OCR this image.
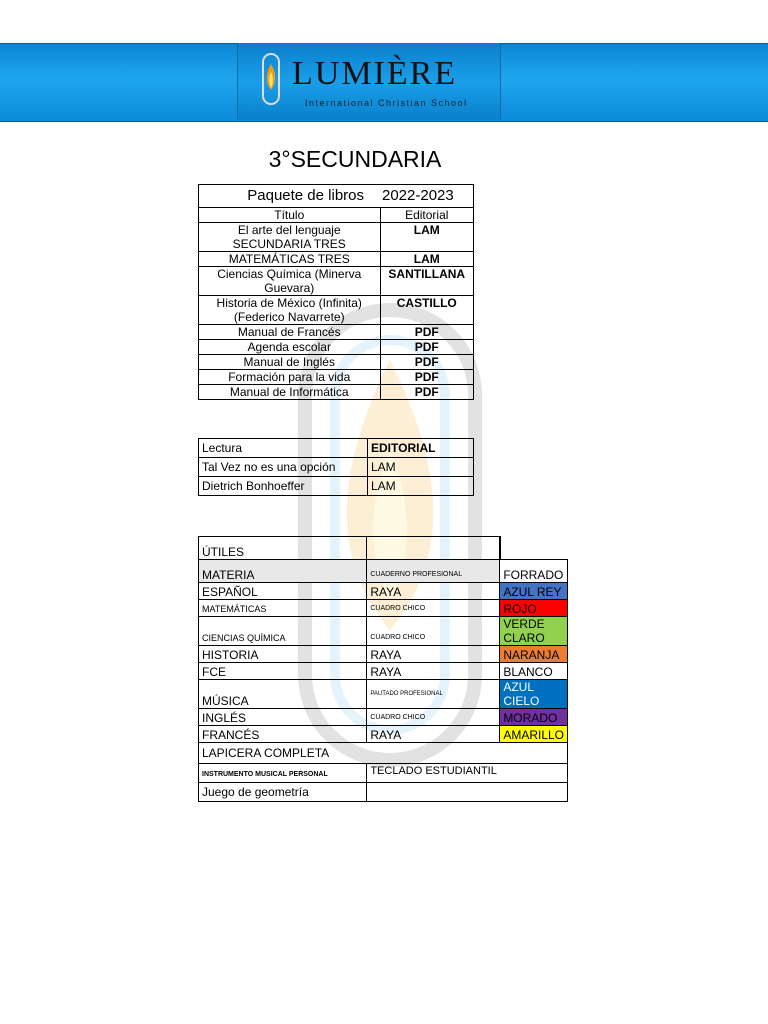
LUMIÈRE
International Christian School
3°SECUNDARIA
Paquete de libros	2022-2023
Título	Editorial
El arte del lenguaje SECUNDARIA TRES	LAM
MATEMÁTICAS TRES	LAM
Ciencias Química (Minerva Guevara)	SANTILLANA
Historia de México (Infinita) (Federico Navarrete)	CASTILLO
Manual de Francés	PDF
Agenda escolar	PDF
Manual de Inglés	PDF
Formación para la vida	PDF
Manual de Informática	PDF
Lectura	EDITORIAL
Tal Vez no es una opción	LAM
Dietrich Bonhoeffer	LAM
ÚTILES		
MATERIA	CUADERNO PROFESIONAL	FORRADO
ESPAÑOL	RAYA	AZUL REY
MATEMÁTICAS	CUADRO CHICO	ROJO
CIENCIAS QUÍMICA	CUADRO CHICO	VERDE CLARO
HISTORIA	RAYA	NARANJA
FCE	RAYA	BLANCO
MÚSICA	PAUTADO PROFESIONAL	AZUL CIELO
INGLÉS	CUADRO CHICO	MORADO
FRANCÉS	RAYA	AMARILLO
LAPICERA COMPLETA		
INSTRUMENTO MUSICAL PERSONAL	TECLADO ESTUDIANTIL	
Juego de geometría		
